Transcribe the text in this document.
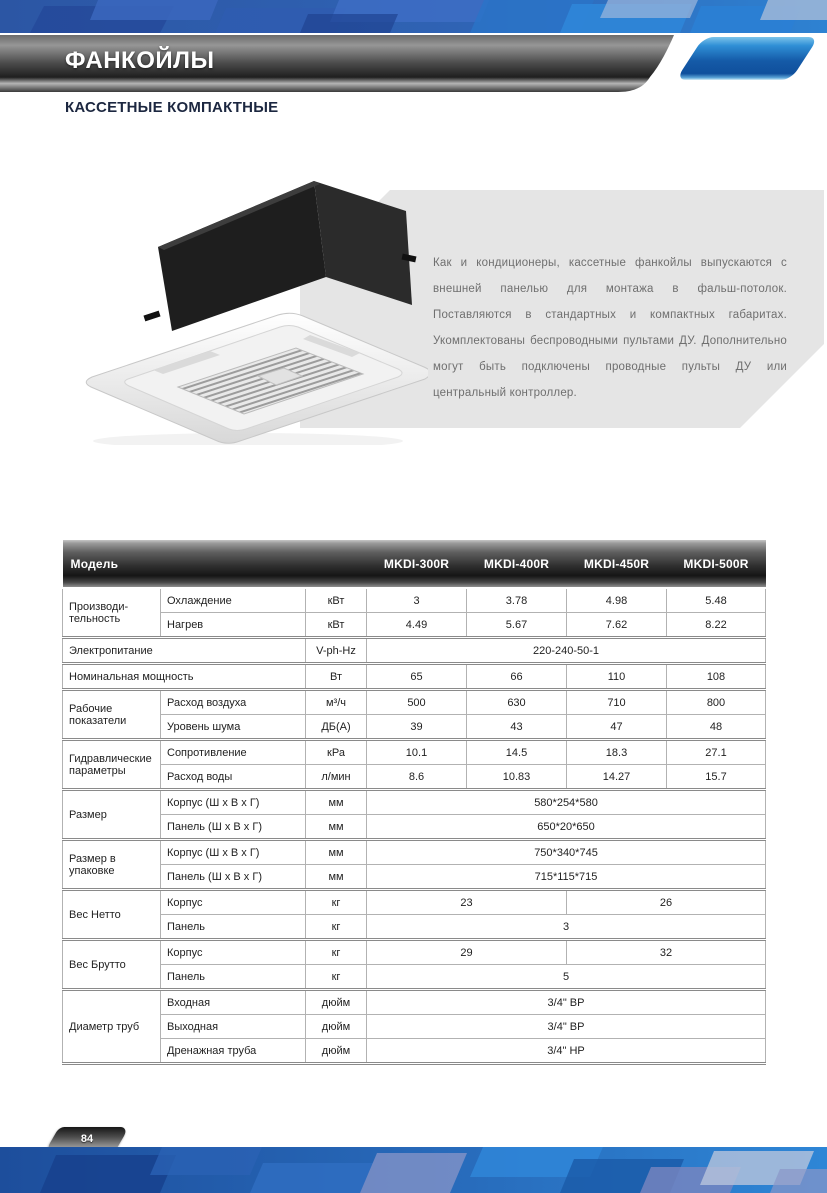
ФАНКОЙЛЫ
КАССЕТНЫЕ КОМПАКТНЫЕ
Как и кондиционеры, кассетные фанкойлы выпускаются с внешней панелью для монтажа в фальш-потолок. Поставляются в стандартных и компактных габаритах. Укомплектованы беспроводными пультами ДУ. Дополнительно могут быть подключены проводные пульты ДУ или центральный контроллер.
Модель			MKDI-300R	MKDI-400R	MKDI-450R	MKDI-500R
Производи-тельность	Охлаждение	кВт	3	3.78	4.98	5.48
	Нагрев	кВт	4.49	5.67	7.62	8.22
Электропитание		V-ph-Hz	220-240-50-1			
Номинальная мощность		Вт	65	66	110	108
Рабочие показатели	Расход воздуха	м³/ч	500	630	710	800
	Уровень шума	ДБ(А)	39	43	47	48
Гидравлические параметры	Сопротивление	кРа	10.1	14.5	18.3	27.1
	Расход воды	л/мин	8.6	10.83	14.27	15.7
Размер	Корпус (Ш х В х Г)	мм	580*254*580			
	Панель (Ш х В х Г)	мм	650*20*650			
Размер в упаковке	Корпус (Ш х В х Г)	мм	750*340*745			
	Панель (Ш х В х Г)	мм	715*115*715			
Вес Нетто	Корпус	кг	23		26	
	Панель	кг	3			
Вес Брутто	Корпус	кг	29		32	
	Панель	кг	5			
Диаметр труб	Входная	дюйм	3/4" ВР			
	Выходная	дюйм	3/4" ВР			
	Дренажная труба	дюйм	3/4" НР			
84
